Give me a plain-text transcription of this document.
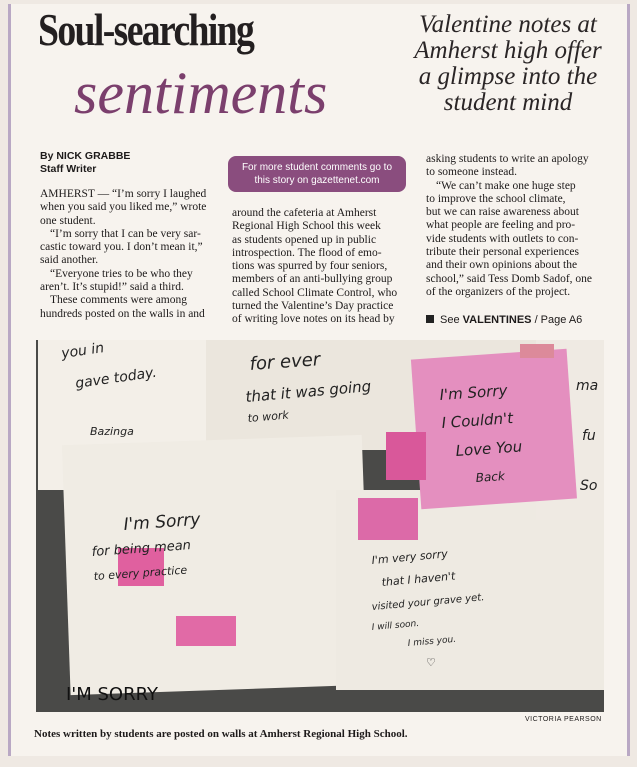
Soul-searching
sentiments
Valentine notes at
Amherst high offer
a glimpse into the
student mind
By NICK GRABBE
Staff Writer	For more student comments go to
this story on gazettenet.com
AMHERST — “I’m sorry I laughed
when you said you liked me,” wrote
one student.
“I’m sorry that I can be very sar-
castic toward you. I don’t mean it,”
said another.
“Everyone tries to be who they
aren’t. It’s stupid!” said a third.
These comments were among
hundreds posted on the walls in and
around the cafeteria at Amherst
Regional High School this week
as students opened up in public
introspection. The flood of emo-
tions was spurred by four seniors,
members of an anti-bullying group
called School Climate Control, who
turned the Valentine’s Day practice
of writing love notes on its head by
asking students to write an apology
to someone instead.
“We can’t make one huge step
to improve the school climate,
but we can raise awareness about
what people are feeling and pro-
vide students with outlets to con-
tribute their personal experiences
and their own opinions about the
school,” said Tess Domb Sadof, one
of the organizers of the project.
See VALENTINES / Page A6
you in
gave today.
Bazinga
for ever
that it was going
to work
I'm Sorry
I Couldn't
Love You
Back
ma
fu
So
I'm Sorry
for being mean
to every practice
I'm very sorry
that I haven't
visited your grave yet.
I will soon.
I miss you.
♡
I'M SORRY
Notes written by students are posted on walls at Amherst Regional High School.
VICTORIA PEARSON
